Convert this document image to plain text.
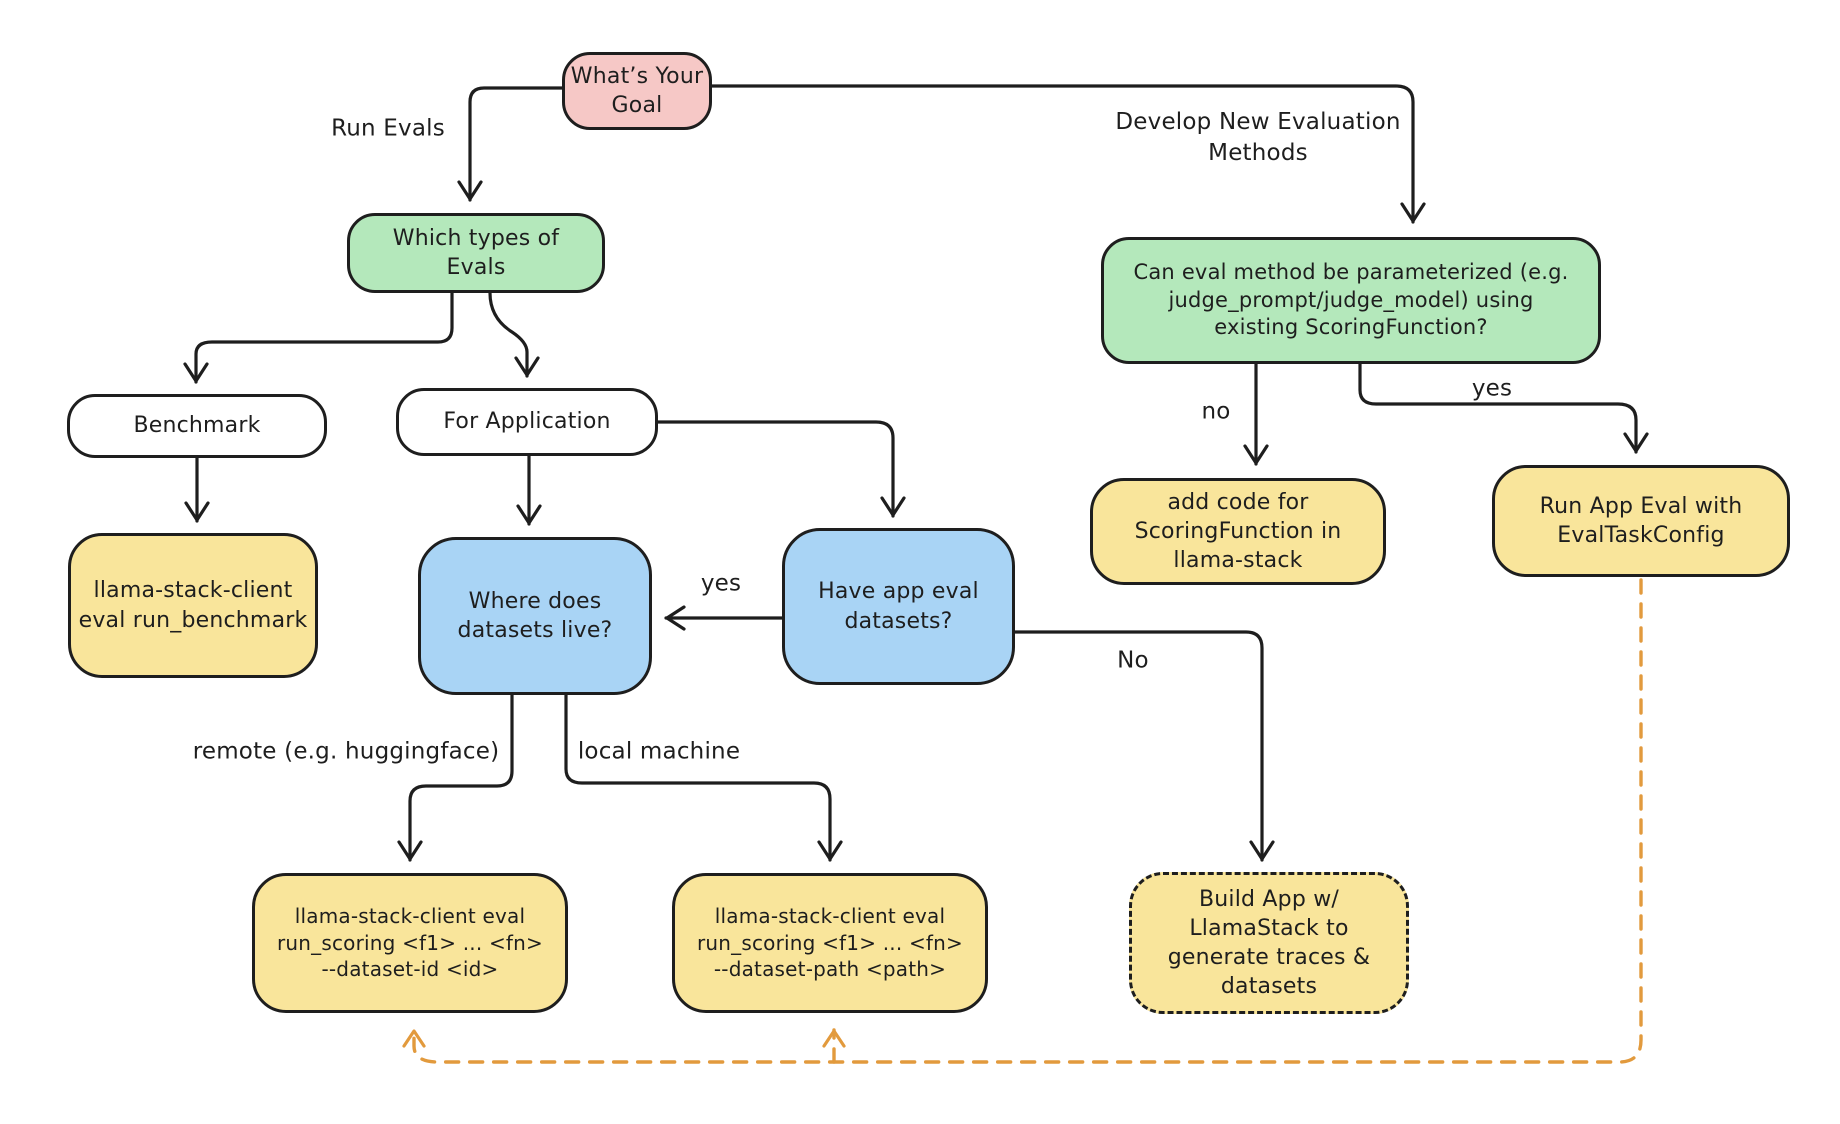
What’s Your
Goal
Which types of
Evals
Benchmark	For Application
llama-stack-client
eval run_benchmark
Where does
datasets live?
Have app eval
datasets?
Can eval method be parameterized (e.g.
judge_prompt/judge_model) using
existing ScoringFunction?
add code for
ScoringFunction in
llama-stack
Run App Eval with
EvalTaskConfig
Build App w/
LlamaStack to
generate traces &
datasets
llama-stack-client eval
run_scoring <f1> ... <fn>
--dataset-id <id>
llama-stack-client eval
run_scoring <f1> ... <fn>
--dataset-path <path>
Run Evals	Develop New Evaluation
Methods
yes
No
no
yes
remote (e.g. huggingface)	local machine
